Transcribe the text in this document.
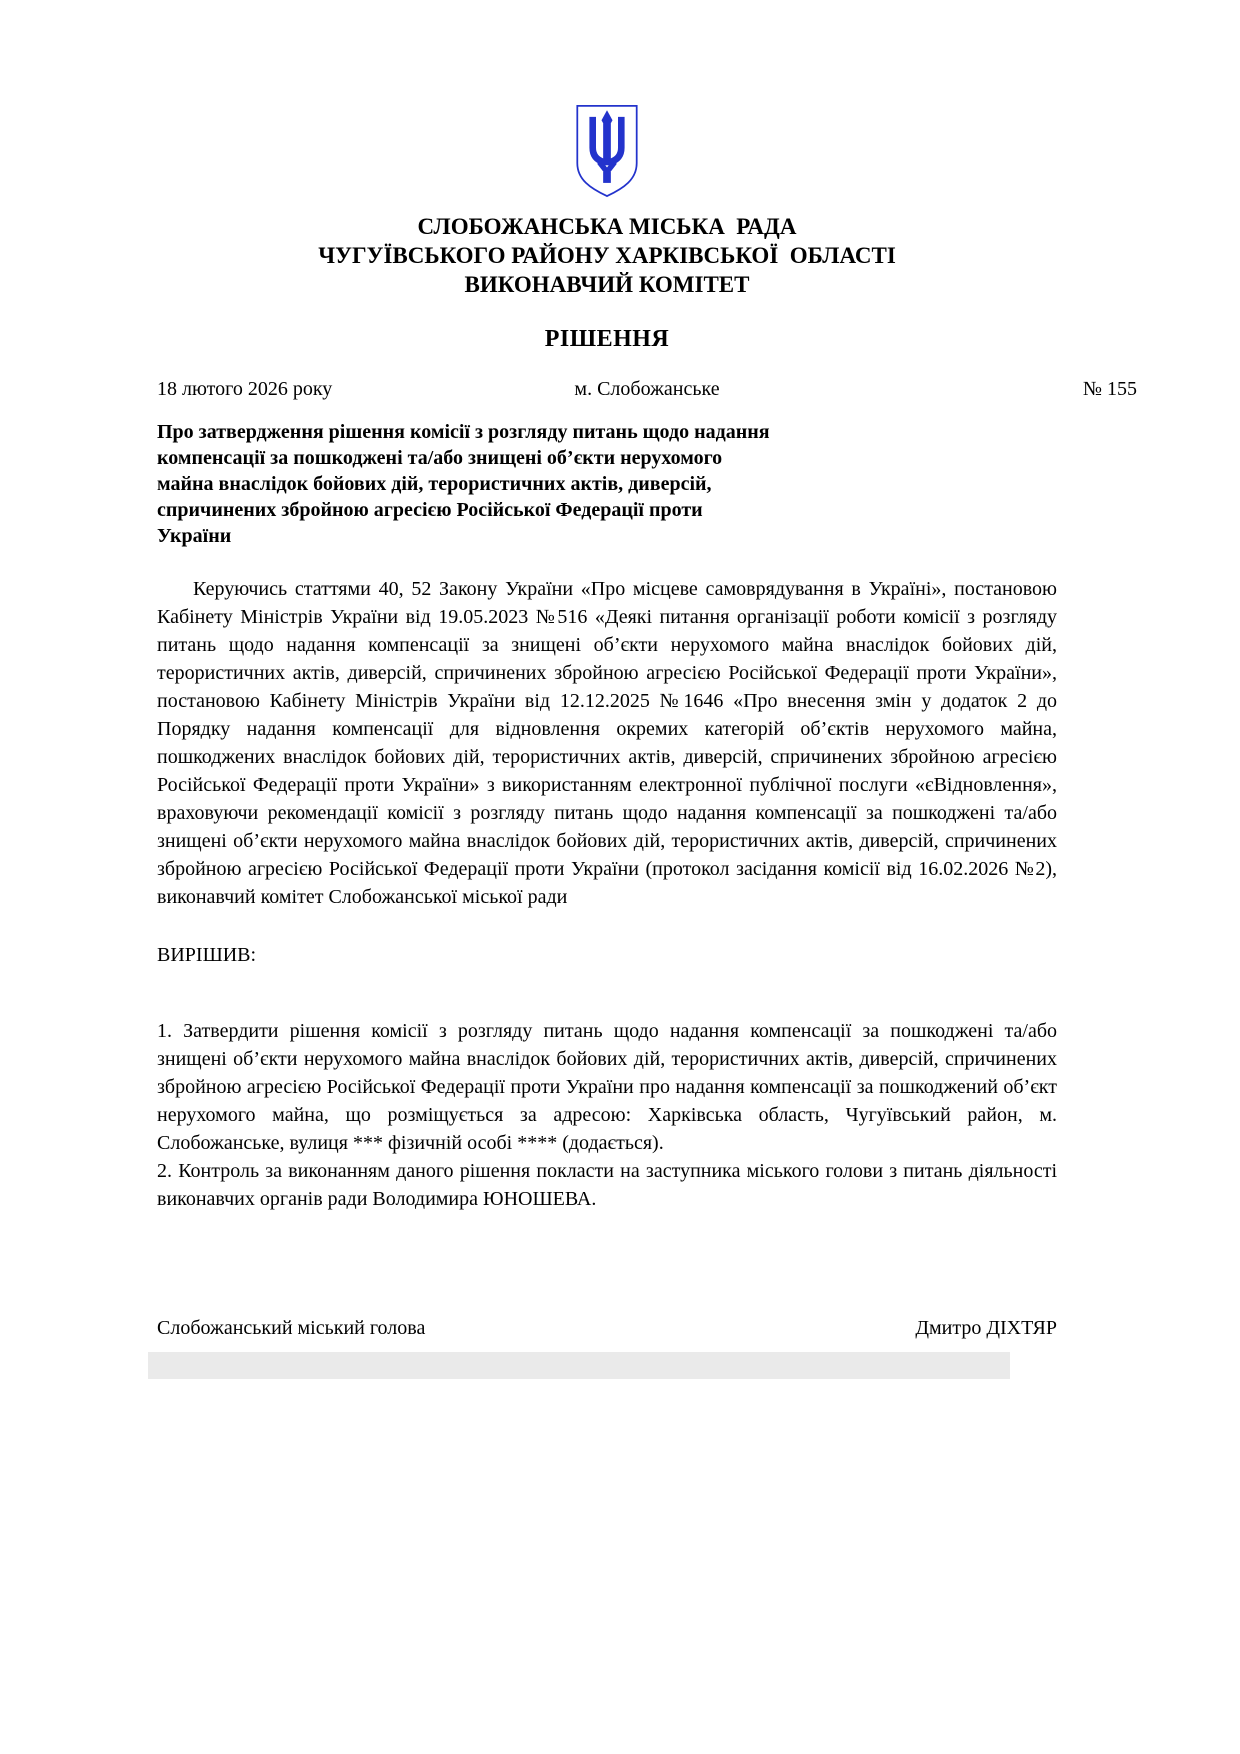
СЛОБОЖАНСЬКА МІСЬКА  РАДА
ЧУГУЇВСЬКОГО РАЙОНУ ХАРКІВСЬКОЇ  ОБЛАСТІ
ВИКОНАВЧИЙ КОМІТЕТ
РІШЕННЯ
18 лютого 2026 року	м. Слобожанське	№ 155
Про затвердження рішення комісії з розгляду питань щодо надання компенсації за пошкоджені та/або знищені об’єкти нерухомого майна внаслідок бойових дій, терористичних актів, диверсій, спричинених збройною агресією Російської Федерації проти України

Керуючись статтями 40, 52 Закону України «Про місцеве самоврядування в Україні», постановою Кабінету Міністрів України від 19.05.2023 №516 «Деякі питання організації роботи комісії з розгляду питань щодо надання компенсації за знищені об’єкти нерухомого майна внаслідок бойових дій, терористичних актів, диверсій, спричинених збройною агресією Російської Федерації проти України», постановою Кабінету Міністрів України від 12.12.2025 №1646 «Про внесення змін у додаток 2 до Порядку надання компенсації для відновлення окремих категорій об’єктів нерухомого майна, пошкоджених внаслідок бойових дій, терористичних актів, диверсій, спричинених збройною агресією Російської Федерації проти України» з використанням електронної публічної послуги «єВідновлення», враховуючи рекомендації комісії з розгляду питань щодо надання компенсації за пошкоджені та/або знищені об’єкти нерухомого майна внаслідок бойових дій, терористичних актів, диверсій, спричинених збройною агресією Російської Федерації проти України (протокол засідання комісії від 16.02.2026 №2), виконавчий комітет Слобожанської міської ради

ВИРІШИВ:

1. Затвердити рішення комісії з розгляду питань щодо надання компенсації за пошкоджені та/або знищені об’єкти нерухомого майна внаслідок бойових дій, терористичних актів, диверсій, спричинених збройною агресією Російської Федерації проти України про надання компенсації за пошкоджений об’єкт нерухомого майна, що розміщується за адресою: Харківська область, Чугуївський район, м. Слобожанське, вулиця *** фізичній особі **** (додається).

2. Контроль за виконанням даного рішення покласти на заступника міського голови з питань діяльності виконавчих органів ради Володимира ЮНОШЕВА.

Слобожанський міський голова	Дмитро ДІХТЯР
